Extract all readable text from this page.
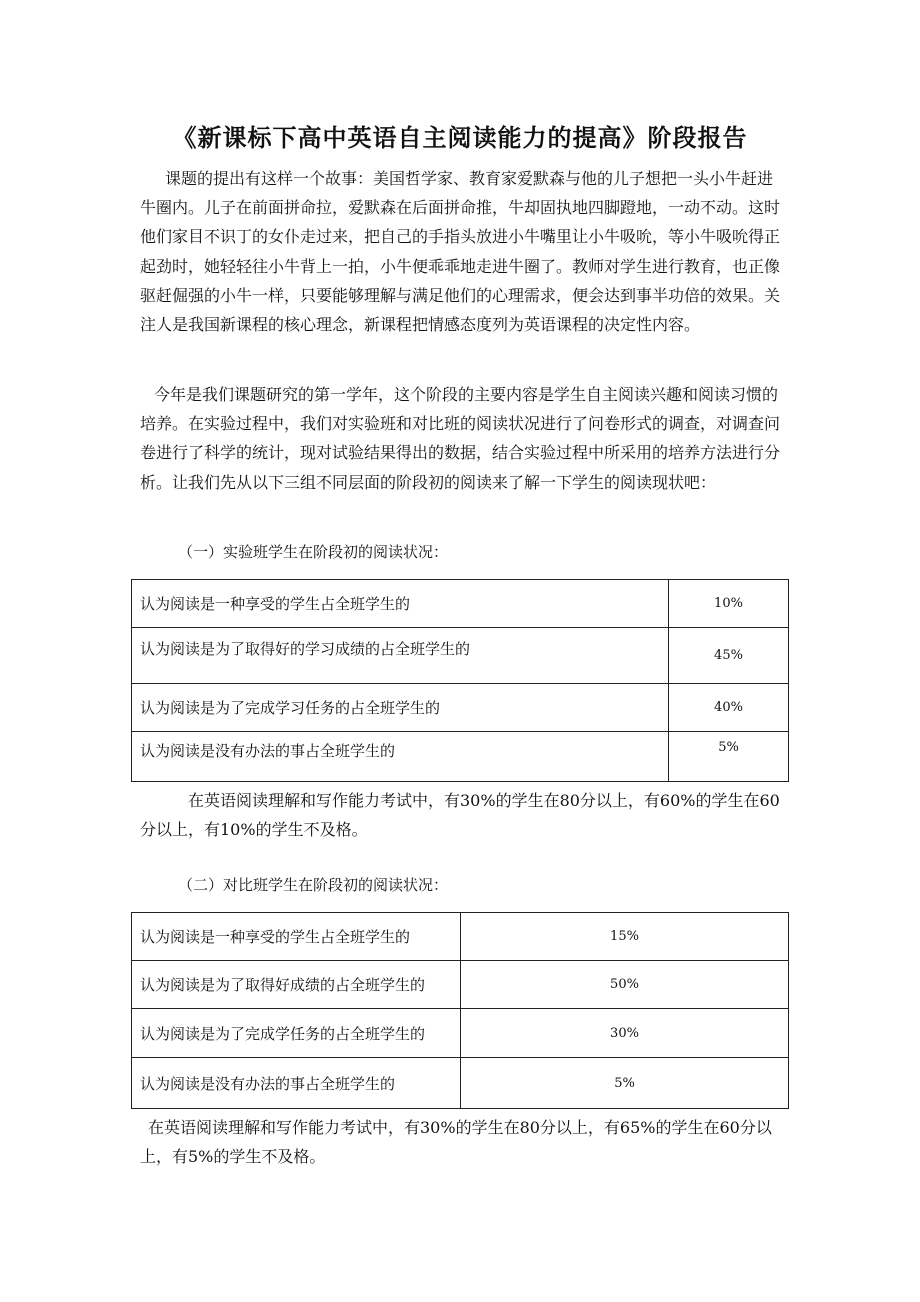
《新课标下高中英语自主阅读能力的提高》阶段报告

课题的提出有这样一个故事：美国哲学家、教育家爱默森与他的儿子想把一头小牛赶进牛圈内。儿子在前面拼命拉，爱默森在后面拼命推，牛却固执地四脚蹬地，一动不动。这时他们家目不识丁的女仆走过来，把自己的手指头放进小牛嘴里让小牛吸吮，等小牛吸吮得正起劲时，她轻轻往小牛背上一拍，小牛便乖乖地走进牛圈了。教师对学生进行教育，也正像驱赶倔强的小牛一样，只要能够理解与满足他们的心理需求，便会达到事半功倍的效果。关注人是我国新课程的核心理念，新课程把情感态度列为英语课程的决定性内容。

今年是我们课题研究的第一学年，这个阶段的主要内容是学生自主阅读兴趣和阅读习惯的培养。在实验过程中，我们对实验班和对比班的阅读状况进行了问卷形式的调查，对调查问卷进行了科学的统计，现对试验结果得出的数据，结合实验过程中所采用的培养方法进行分析。让我们先从以下三组不同层面的阶段初的阅读来了解一下学生的阅读现状吧：

（一）实验班学生在阶段初的阅读状况：

认为阅读是一种享受的学生占全班学生的	10%
认为阅读是为了取得好的学习成绩的占全班学生的	45%
认为阅读是为了完成学习任务的占全班学生的	40%
认为阅读是没有办法的事占全班学生的	5%

在英语阅读理解和写作能力考试中，有30%的学生在80分以上，有60%的学生在60分以上，有10%的学生不及格。

（二）对比班学生在阶段初的阅读状况：

认为阅读是一种享受的学生占全班学生的	15%
认为阅读是为了取得好成绩的占全班学生的	50%
认为阅读是为了完成学任务的占全班学生的	30%
认为阅读是没有办法的事占全班学生的	5%

在英语阅读理解和写作能力考试中，有30%的学生在80分以上，有65%的学生在60分以上，有5%的学生不及格。
